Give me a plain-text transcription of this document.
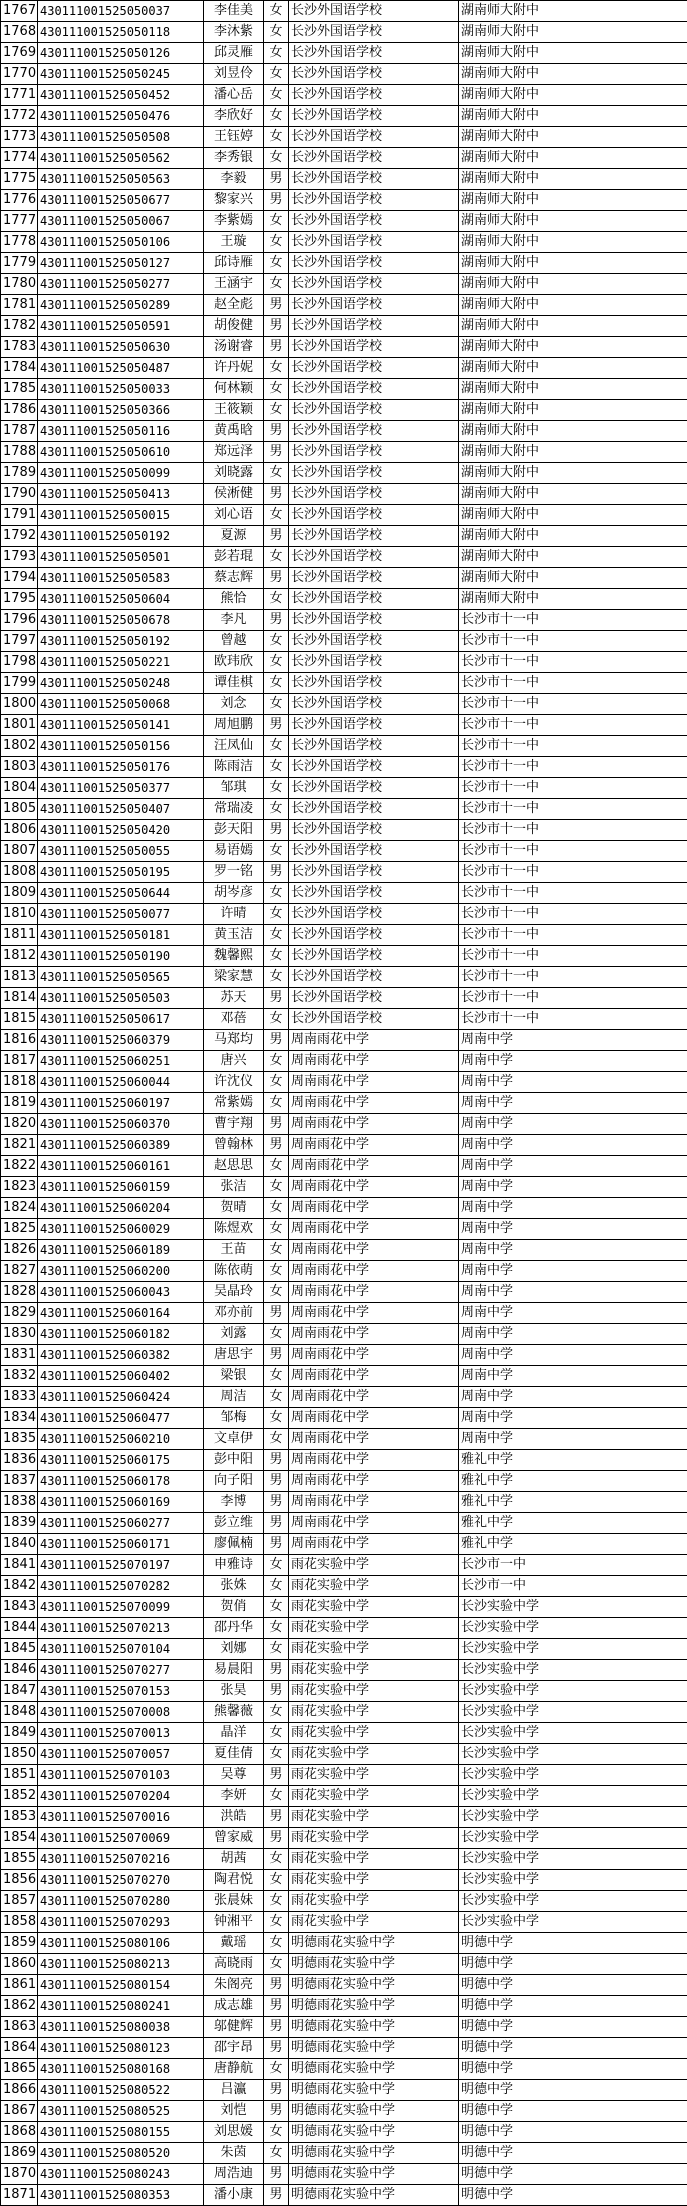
1767	430111001525050037	李佳美	女	长沙外国语学校	湖南师大附中
1768	430111001525050118	李沐紫	女	长沙外国语学校	湖南师大附中
1769	430111001525050126	邱灵雁	女	长沙外国语学校	湖南师大附中
1770	430111001525050245	刘昱伶	女	长沙外国语学校	湖南师大附中
1771	430111001525050452	潘心岳	女	长沙外国语学校	湖南师大附中
1772	430111001525050476	李欣好	女	长沙外国语学校	湖南师大附中
1773	430111001525050508	王钰婷	女	长沙外国语学校	湖南师大附中
1774	430111001525050562	李秀银	女	长沙外国语学校	湖南师大附中
1775	430111001525050563	李毅	男	长沙外国语学校	湖南师大附中
1776	430111001525050677	黎家兴	男	长沙外国语学校	湖南师大附中
1777	430111001525050067	李紫嫣	女	长沙外国语学校	湖南师大附中
1778	430111001525050106	王璇	女	长沙外国语学校	湖南师大附中
1779	430111001525050127	邱诗雁	女	长沙外国语学校	湖南师大附中
1780	430111001525050277	王涵宇	女	长沙外国语学校	湖南师大附中
1781	430111001525050289	赵全彪	男	长沙外国语学校	湖南师大附中
1782	430111001525050591	胡俊健	男	长沙外国语学校	湖南师大附中
1783	430111001525050630	汤谢睿	男	长沙外国语学校	湖南师大附中
1784	430111001525050487	许丹妮	女	长沙外国语学校	湖南师大附中
1785	430111001525050033	何林颖	女	长沙外国语学校	湖南师大附中
1786	430111001525050366	王筱颖	女	长沙外国语学校	湖南师大附中
1787	430111001525050116	黄禹晗	男	长沙外国语学校	湖南师大附中
1788	430111001525050610	郑远泽	男	长沙外国语学校	湖南师大附中
1789	430111001525050099	刘晓露	女	长沙外国语学校	湖南师大附中
1790	430111001525050413	侯淅健	男	长沙外国语学校	湖南师大附中
1791	430111001525050015	刘心语	女	长沙外国语学校	湖南师大附中
1792	430111001525050192	夏源	男	长沙外国语学校	湖南师大附中
1793	430111001525050501	彭若琨	女	长沙外国语学校	湖南师大附中
1794	430111001525050583	蔡志辉	男	长沙外国语学校	湖南师大附中
1795	430111001525050604	熊恰	女	长沙外国语学校	湖南师大附中
1796	430111001525050678	李凡	男	长沙外国语学校	长沙市十一中
1797	430111001525050192	曾越	女	长沙外国语学校	长沙市十一中
1798	430111001525050221	欧玮欣	女	长沙外国语学校	长沙市十一中
1799	430111001525050248	谭佳棋	女	长沙外国语学校	长沙市十一中
1800	430111001525050068	刘念	女	长沙外国语学校	长沙市十一中
1801	430111001525050141	周旭鹏	男	长沙外国语学校	长沙市十一中
1802	430111001525050156	汪凤仙	女	长沙外国语学校	长沙市十一中
1803	430111001525050176	陈雨洁	女	长沙外国语学校	长沙市十一中
1804	430111001525050377	邹琪	女	长沙外国语学校	长沙市十一中
1805	430111001525050407	常瑞凌	女	长沙外国语学校	长沙市十一中
1806	430111001525050420	彭天阳	男	长沙外国语学校	长沙市十一中
1807	430111001525050055	易语嫣	女	长沙外国语学校	长沙市十一中
1808	430111001525050195	罗一铭	男	长沙外国语学校	长沙市十一中
1809	430111001525050644	胡岑彦	女	长沙外国语学校	长沙市十一中
1810	430111001525050077	许晴	女	长沙外国语学校	长沙市十一中
1811	430111001525050181	黄玉洁	女	长沙外国语学校	长沙市十一中
1812	430111001525050190	魏馨熙	女	长沙外国语学校	长沙市十一中
1813	430111001525050565	梁家慧	女	长沙外国语学校	长沙市十一中
1814	430111001525050503	苏天	男	长沙外国语学校	长沙市十一中
1815	430111001525050617	邓蓓	女	长沙外国语学校	长沙市十一中
1816	430111001525060379	马郑均	男	周南雨花中学	周南中学
1817	430111001525060251	唐兴	女	周南雨花中学	周南中学
1818	430111001525060044	许沈仪	女	周南雨花中学	周南中学
1819	430111001525060197	常紫嫣	女	周南雨花中学	周南中学
1820	430111001525060370	曹宇翔	男	周南雨花中学	周南中学
1821	430111001525060389	曾翰林	男	周南雨花中学	周南中学
1822	430111001525060161	赵思思	女	周南雨花中学	周南中学
1823	430111001525060159	张洁	女	周南雨花中学	周南中学
1824	430111001525060204	贺晴	女	周南雨花中学	周南中学
1825	430111001525060029	陈煜欢	女	周南雨花中学	周南中学
1826	430111001525060189	王苗	女	周南雨花中学	周南中学
1827	430111001525060200	陈依萌	女	周南雨花中学	周南中学
1828	430111001525060043	吴晶玲	女	周南雨花中学	周南中学
1829	430111001525060164	邓亦前	男	周南雨花中学	周南中学
1830	430111001525060182	刘露	女	周南雨花中学	周南中学
1831	430111001525060382	唐思宇	男	周南雨花中学	周南中学
1832	430111001525060402	梁银	女	周南雨花中学	周南中学
1833	430111001525060424	周洁	女	周南雨花中学	周南中学
1834	430111001525060477	邹梅	女	周南雨花中学	周南中学
1835	430111001525060210	文卓伊	女	周南雨花中学	周南中学
1836	430111001525060175	彭中阳	男	周南雨花中学	雅礼中学
1837	430111001525060178	向子阳	男	周南雨花中学	雅礼中学
1838	430111001525060169	李博	男	周南雨花中学	雅礼中学
1839	430111001525060277	彭立维	男	周南雨花中学	雅礼中学
1840	430111001525060171	廖佩楠	男	周南雨花中学	雅礼中学
1841	430111001525070197	申雅诗	女	雨花实验中学	长沙市一中
1842	430111001525070282	张姝	女	雨花实验中学	长沙市一中
1843	430111001525070099	贺俏	女	雨花实验中学	长沙实验中学
1844	430111001525070213	邵丹华	女	雨花实验中学	长沙实验中学
1845	430111001525070104	刘娜	女	雨花实验中学	长沙实验中学
1846	430111001525070277	易晨阳	男	雨花实验中学	长沙实验中学
1847	430111001525070153	张昊	男	雨花实验中学	长沙实验中学
1848	430111001525070008	熊馨薇	女	雨花实验中学	长沙实验中学
1849	430111001525070013	晶洋	女	雨花实验中学	长沙实验中学
1850	430111001525070057	夏佳倩	女	雨花实验中学	长沙实验中学
1851	430111001525070103	吴尊	男	雨花实验中学	长沙实验中学
1852	430111001525070204	李妍	女	雨花实验中学	长沙实验中学
1853	430111001525070016	洪皓	男	雨花实验中学	长沙实验中学
1854	430111001525070069	曾家威	男	雨花实验中学	长沙实验中学
1855	430111001525070216	胡茜	女	雨花实验中学	长沙实验中学
1856	430111001525070270	陶君悦	女	雨花实验中学	长沙实验中学
1857	430111001525070280	张晨妹	女	雨花实验中学	长沙实验中学
1858	430111001525070293	钟湘平	女	雨花实验中学	长沙实验中学
1859	430111001525080106	戴瑶	女	明德雨花实验中学	明德中学
1860	430111001525080213	高晓雨	女	明德雨花实验中学	明德中学
1861	430111001525080154	朱阁亮	男	明德雨花实验中学	明德中学
1862	430111001525080241	成志雄	男	明德雨花实验中学	明德中学
1863	430111001525080038	邬健辉	男	明德雨花实验中学	明德中学
1864	430111001525080123	邵宇昂	男	明德雨花实验中学	明德中学
1865	430111001525080168	唐静航	女	明德雨花实验中学	明德中学
1866	430111001525080522	吕瀛	男	明德雨花实验中学	明德中学
1867	430111001525080525	刘恺	男	明德雨花实验中学	明德中学
1868	430111001525080155	刘思媛	女	明德雨花实验中学	明德中学
1869	430111001525080520	朱茵	女	明德雨花实验中学	明德中学
1870	430111001525080243	周浩迪	男	明德雨花实验中学	明德中学
1871	430111001525080353	潘小康	男	明德雨花实验中学	明德中学
